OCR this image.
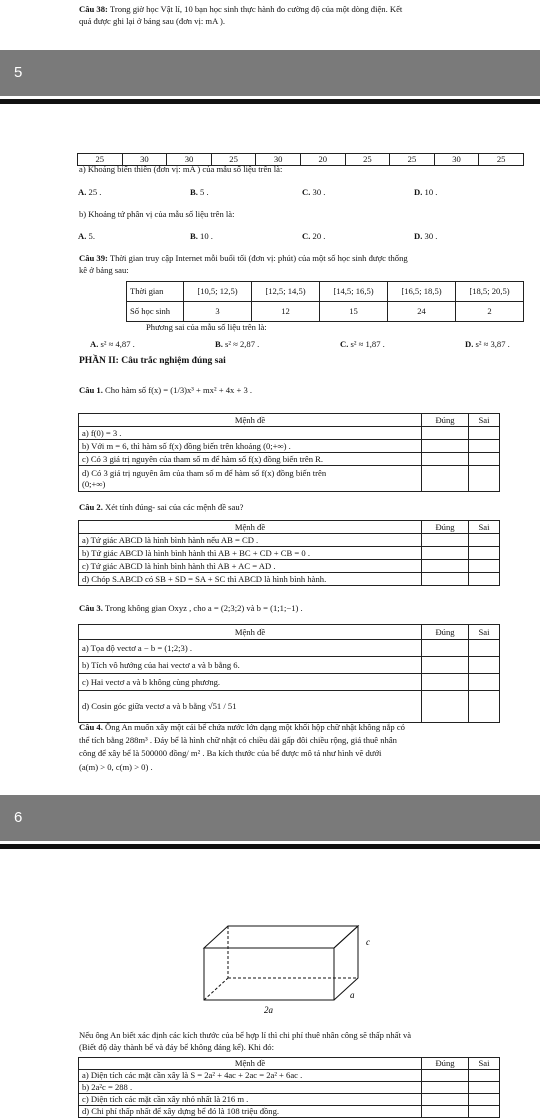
Câu 38: Trong giờ học Vật lí, 10 bạn học sinh thực hành đo cường độ của một dòng điện. Kết
quả được ghi lại ở bảng sau (đơn vị: mA ).
5
25	30	30	25	30	20	25	25	30	25
a) Khoảng biến thiên (đơn vị: mA ) của mẫu số liệu trên là:
A. 25 .	B. 5 .	C. 30 .	D. 10 .
b) Khoảng tứ phân vị của mẫu số liệu trên là:
A. 5.	B. 10 .	C. 20 .	D. 30 .
Câu 39: Thời gian truy cập Internet mỗi buổi tối (đơn vị: phút) của một số học sinh được thống
kê ở bảng sau:
Thời gian	[10,5; 12,5)	[12,5; 14,5)	[14,5; 16,5)	[16,5; 18,5)	[18,5; 20,5)
Số học sinh	3	12	15	24	2
Phương sai của mẫu số liệu trên là:
A. s² ≈ 4,87 .	B. s² ≈ 2,87 .	C. s² ≈ 1,87 .	D. s² ≈ 3,87 .
PHẦN II: Câu trắc nghiệm đúng sai
Câu 1. Cho hàm số f(x) = (1/3)x³ + mx² + 4x + 3 .
Mệnh đề	Đúng	Sai
a) f(0) = 3 .		
b) Với m = 6, thì hàm số f(x) đồng biến trên khoảng (0;+∞) .		
c) Có 3 giá trị nguyên của tham số m để hàm số f(x) đồng biến trên R.		

d) Có 3 giá trị nguyên âm của tham số m để hàm số f(x) đồng biến trên
(0;+∞)		

Câu 2. Xét tính đúng- sai của các mệnh đề sau?
Mệnh đề	Đúng	Sai
a) Tứ giác ABCD là hình bình hành nếu AB = CD .		
b) Tứ giác ABCD là hình bình hành thì AB + BC + CD + CB = 0 .		
c) Tứ giác ABCD là hình bình hành thì AB + AC = AD .		
d) Chóp S.ABCD có SB + SD = SA + SC thì ABCD là hình bình hành.		
Câu 3. Trong không gian Oxyz , cho a = (2;3;2) và b = (1;1;−1) .
Mệnh đề	Đúng	Sai
a) Tọa độ vectơ a − b = (1;2;3) .		
b) Tích vô hướng của hai vectơ a và b bằng 6.		
c) Hai vectơ a và b không cùng phương.		
d) Cosin góc giữa vectơ a và b bằng √51 / 51		
Câu 4. Ông An muốn xây một cái bể chứa nước lớn dạng một khối hộp chữ nhật không nắp có
thể tích bằng 288m³ . Đáy bể là hình chữ nhật có chiều dài gấp đôi chiều rộng, giá thuê nhân
công để xây bể là 500000 đồng/ m² . Ba kích thước của bể được mô tả như hình vẽ dưới
(a(m) > 0, c(m) > 0) .
6
c
a
2a
Nếu ông An biết xác định các kích thước của bể hợp lí thì chi phí thuê nhân công sẽ thấp nhất và
(Biết độ dày thành bể và đáy bể không đáng kể). Khi đó:
Mệnh đề	Đúng	Sai
a) Diện tích các mặt cần xây là S = 2a² + 4ac + 2ac = 2a² + 6ac .		
b) 2a²c = 288 .		
c) Diện tích các mặt cần xây nhỏ nhất là 216 m .		
d) Chi phí thấp nhất để xây dựng bể đó là 108 triệu đồng.		
